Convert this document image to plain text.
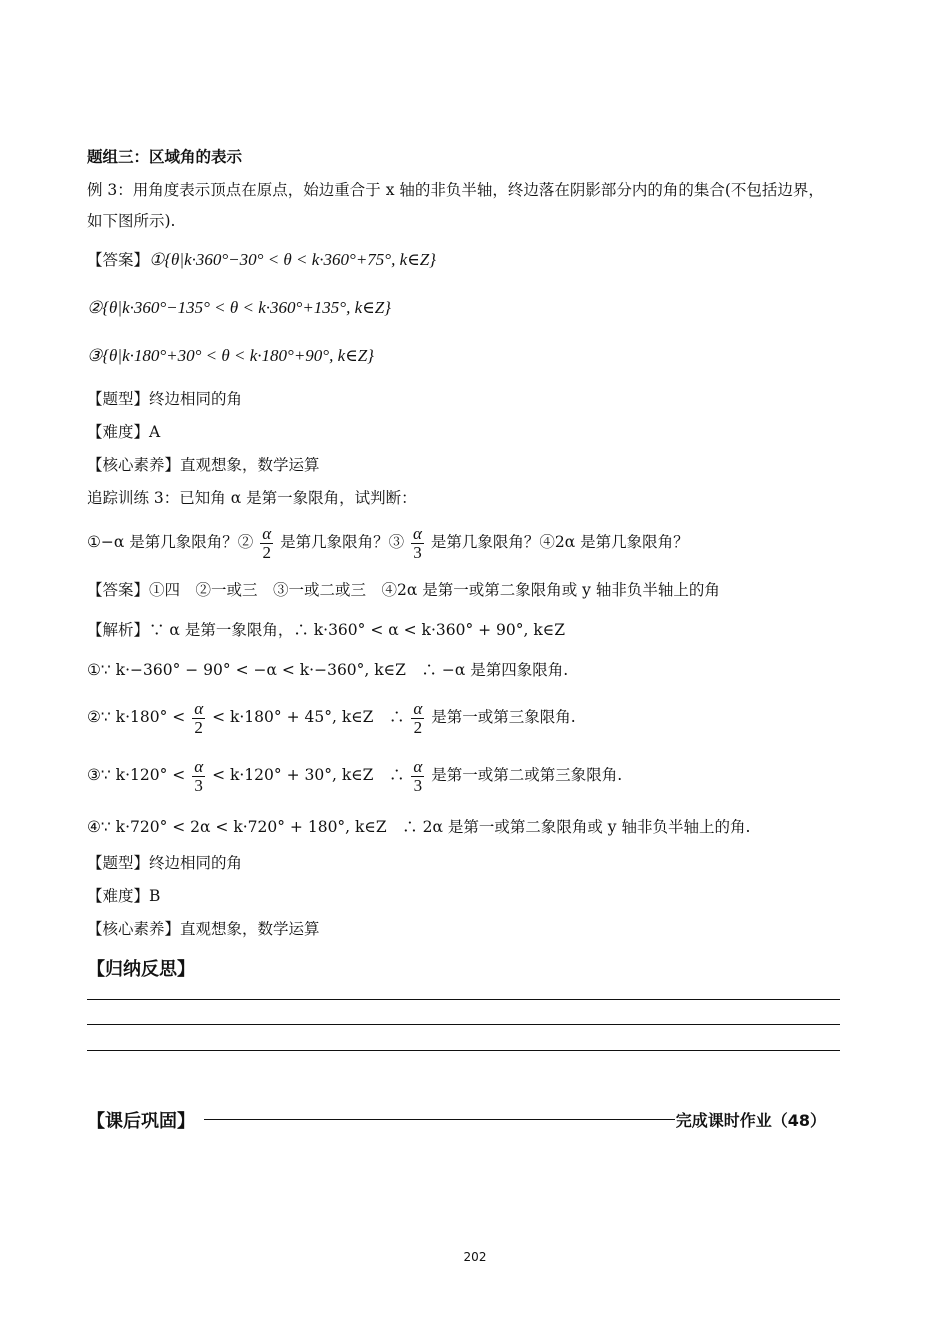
题组三：区域角的表示
例 3：用角度表示顶点在原点，始边重合于 x 轴的非负半轴，终边落在阴影部分内的角的集合(不包括边界，
如下图所示).
【答案】①{θ|k·360°−30° < θ < k·360°+75°, k∈Z}
②{θ|k·360°−135° < θ < k·360°+135°, k∈Z}
③{θ|k·180°+30° < θ < k·180°+90°, k∈Z}
【题型】终边相同的角
【难度】A
【核心素养】直观想象，数学运算
追踪训练 3：已知角 α 是第一象限角，试判断：
①−α 是第几象限角？② $\frac{\alpha}{2}$ 是第几象限角？③ $\frac{\alpha}{3}$ 是第几象限角？④2α 是第几象限角？
【答案】①四　②一或三　③一或二或三　④2α 是第一或第二象限角或 y 轴非负半轴上的角
【解析】∵ α 是第一象限角，∴ k·360° < α < k·360° + 90°, k∈Z
①∵ k·−360° − 90° < −α < k·−360°, k∈Z　∴ −α 是第四象限角.
②∵ $k\cdot 180^\circ < \frac{\alpha}{2} < k\cdot 180^\circ + 45^\circ$, k∈Z　∴ $\frac{\alpha}{2}$ 是第一或第三象限角.
③∵ $k\cdot 120^\circ < \frac{\alpha}{3} < k\cdot 120^\circ + 30^\circ$, k∈Z　∴ $\frac{\alpha}{3}$ 是第一或第二或第三象限角.
④∵ k·720° < 2α < k·720° + 180°, k∈Z　∴ 2α 是第一或第二象限角或 y 轴非负半轴上的角.
【题型】终边相同的角
【难度】B
【核心素养】直观想象，数学运算
【归纳反思】
【课后巩固】	完成课时作业（48）
202
